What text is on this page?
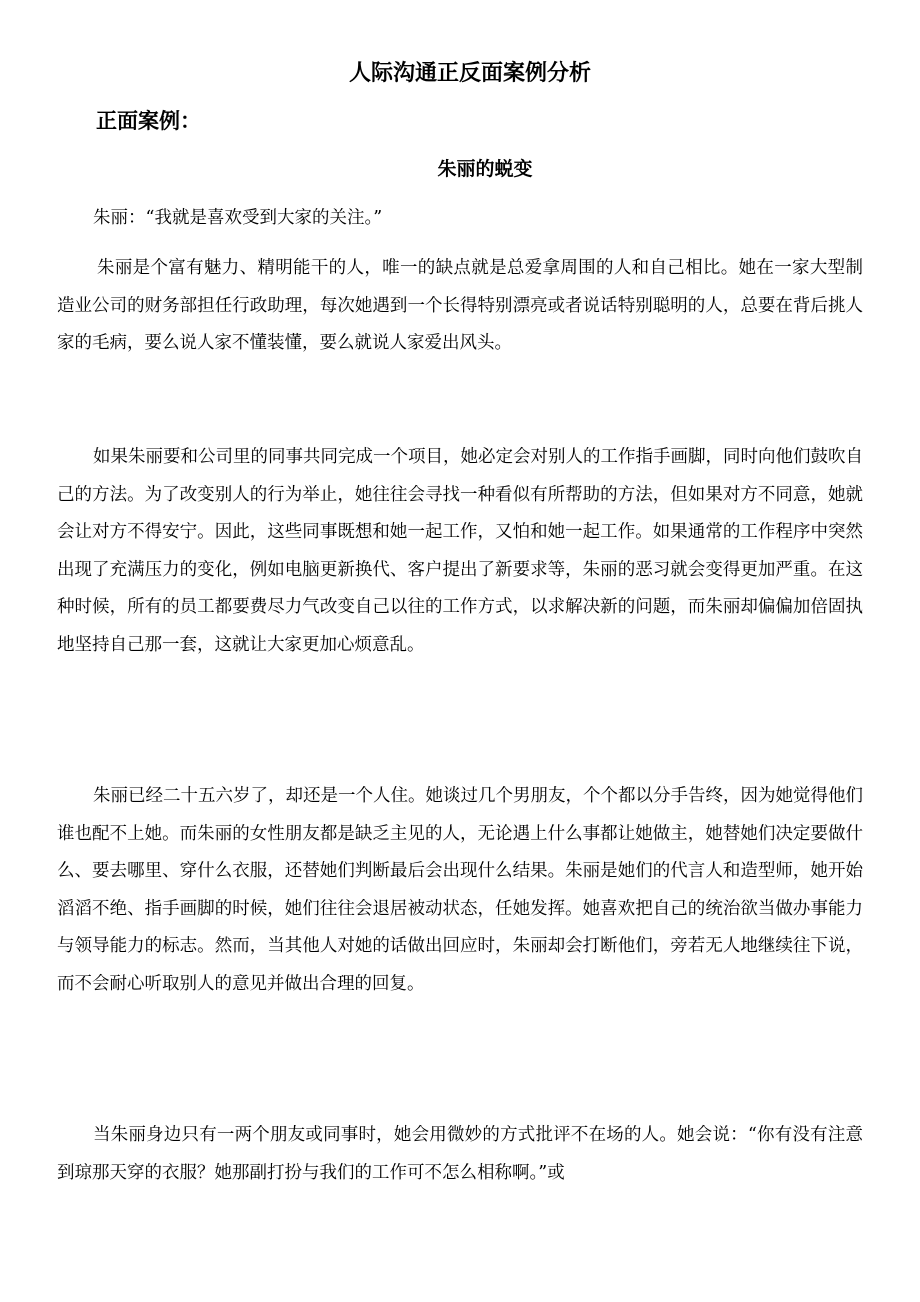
人际沟通正反面案例分析
正面案例：
朱丽的蜕变

朱丽：“我就是喜欢受到大家的关注。”

朱丽是个富有魅力、精明能干的人，唯一的缺点就是总爱拿周围的人和自己相比。她在一家大型制造业公司的财务部担任行政助理，每次她遇到一个长得特别漂亮或者说话特别聪明的人，总要在背后挑人家的毛病，要么说人家不懂装懂，要么就说人家爱出风头。

如果朱丽要和公司里的同事共同完成一个项目，她必定会对别人的工作指手画脚，同时向他们鼓吹自己的方法。为了改变别人的行为举止，她往往会寻找一种看似有所帮助的方法，但如果对方不同意，她就会让对方不得安宁。因此，这些同事既想和她一起工作，又怕和她一起工作。如果通常的工作程序中突然出现了充满压力的变化，例如电脑更新换代、客户提出了新要求等，朱丽的恶习就会变得更加严重。在这种时候，所有的员工都要费尽力气改变自己以往的工作方式，以求解决新的问题，而朱丽却偏偏加倍固执地坚持自己那一套，这就让大家更加心烦意乱。

朱丽已经二十五六岁了，却还是一个人住。她谈过几个男朋友，个个都以分手告终，因为她觉得他们谁也配不上她。而朱丽的女性朋友都是缺乏主见的人，无论遇上什么事都让她做主，她替她们决定要做什么、要去哪里、穿什么衣服，还替她们判断最后会出现什么结果。朱丽是她们的代言人和造型师，她开始滔滔不绝、指手画脚的时候，她们往往会退居被动状态，任她发挥。她喜欢把自己的统治欲当做办事能力与领导能力的标志。然而，当其他人对她的话做出回应时，朱丽却会打断他们，旁若无人地继续往下说，而不会耐心听取别人的意见并做出合理的回复。

当朱丽身边只有一两个朋友或同事时，她会用微妙的方式批评不在场的人。她会说：“你有没有注意到琼那天穿的衣服？她那副打扮与我们的工作可不怎么相称啊。”或
